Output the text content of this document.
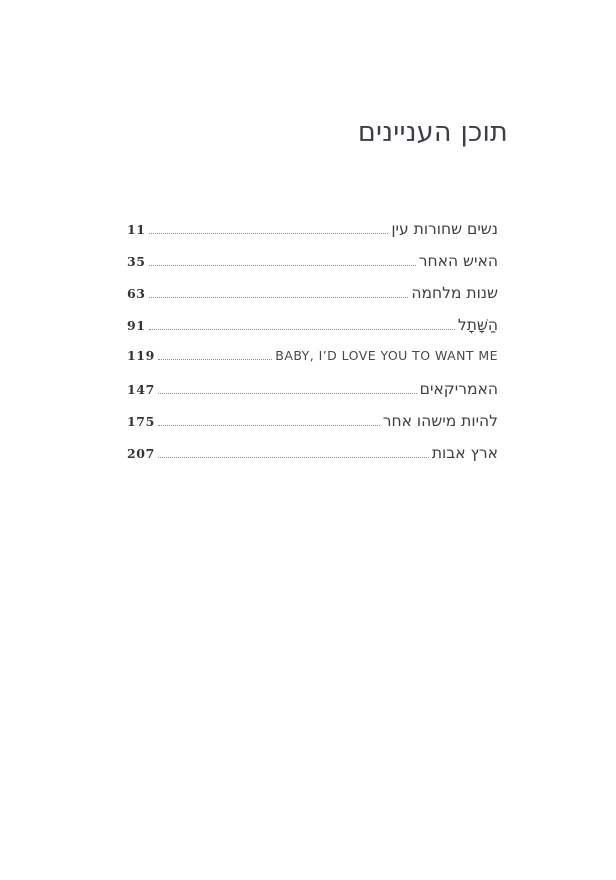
תוכן העניינים
נשים שחורות עין
11
האיש האחר
35
שנות מלחמה
63
הַשָּׁתָל
91
BABY, I’D LOVE YOU TO WANT ME
119
האמריקאים
147
להיות מישהו אחר
175
ארץ אבות
207
